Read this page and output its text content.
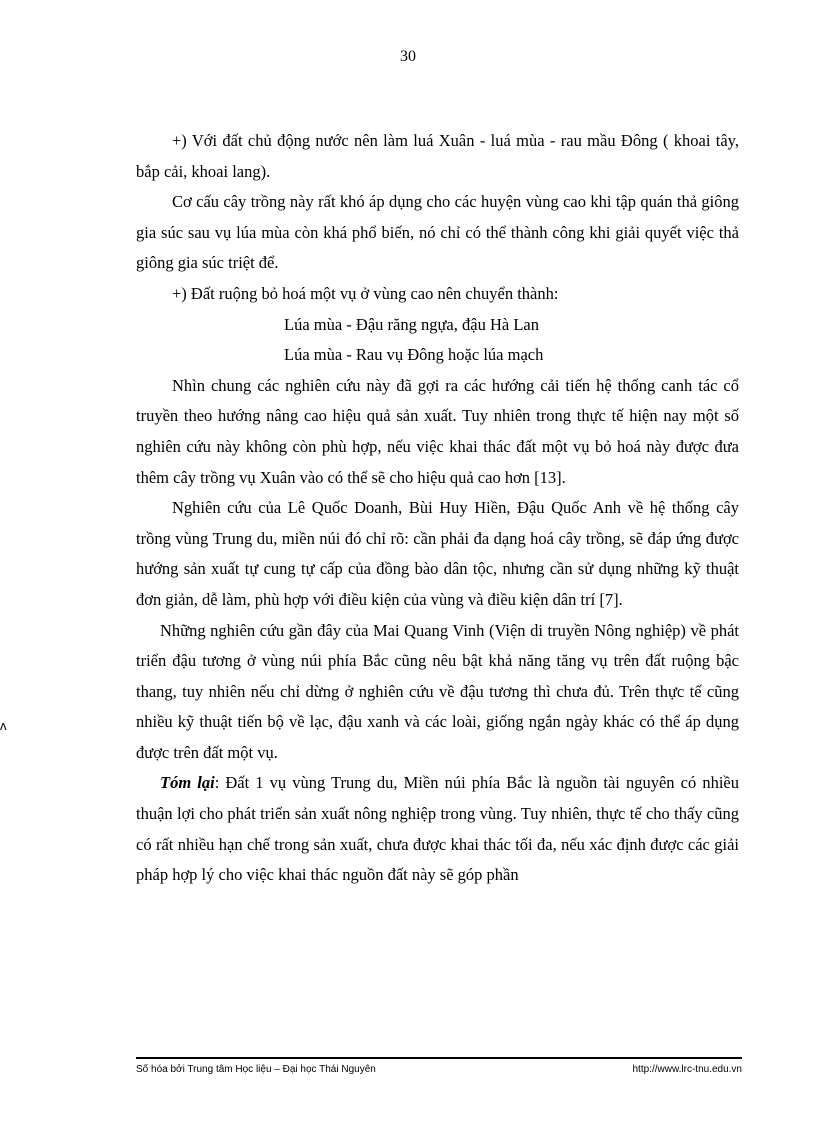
30
ʌ

+) Với đất chủ động nước nên làm luá Xuân - luá mùa - rau mầu Đông ( khoai tây, bắp cải, khoai lang).

Cơ cấu cây trồng này rất khó áp dụng cho các huyện vùng cao khi tập quán thả giông gia súc sau vụ lúa mùa còn khá phổ biến, nó chỉ có thể thành công khi giải quyết việc thả giông gia súc triệt để.

+) Đất ruộng bỏ hoá một vụ ở vùng cao nên chuyển thành:

Lúa mùa - Đậu răng ngựa, đậu Hà Lan

Lúa mùa - Rau vụ Đông hoặc lúa mạch

Nhìn chung các nghiên cứu này đã gợi ra các hướng cải tiến hệ thống canh tác cổ truyền theo hướng nâng cao hiệu quả sản xuất. Tuy nhiên trong thực tế hiện nay một số nghiên cứu này không còn phù hợp, nếu việc khai thác đất một vụ bỏ hoá này được đưa thêm cây trồng vụ Xuân vào có thể sẽ cho hiệu quả cao hơn [13].

Nghiên cứu của Lê Quốc Doanh, Bùi Huy Hiền, Đậu Quốc Anh về hệ thống cây trồng vùng Trung du, miền núi đó chỉ rõ: cần phải đa dạng hoá cây trồng, sẽ đáp ứng được hướng sản xuất tự cung tự cấp của đồng bào dân tộc, nhưng cần sử dụng những kỹ thuật đơn giản, dễ làm, phù hợp với điều kiện của vùng và điều kiện dân trí [7].

Những nghiên cứu gần đây của Mai Quang Vinh (Viện di truyền Nông nghiệp) về phát triển đậu tương ở vùng núi phía Bắc cũng nêu bật khả năng tăng vụ trên đất ruộng bậc thang, tuy nhiên nếu chỉ dừng ở nghiên cứu về đậu tương thì chưa đủ. Trên thực tế cũng nhiều kỹ thuật tiến bộ về lạc, đậu xanh và các loài, giống ngắn ngày khác có thể áp dụng được trên đất một vụ.

Tóm lại: Đất 1 vụ vùng Trung du, Miền núi phía Bắc là nguồn tài nguyên có nhiều thuận lợi cho phát triển sản xuất nông nghiệp trong vùng. Tuy nhiên, thực tế cho thấy cũng có rất nhiều hạn chế trong sản xuất, chưa được khai thác tối đa, nếu xác định được các giải pháp hợp lý cho việc khai thác nguồn đất này sẽ góp phần

Số hóa bởi Trung tâm Học liệu – Đại học Thái Nguyên	http://www.lrc-tnu.edu.vn
